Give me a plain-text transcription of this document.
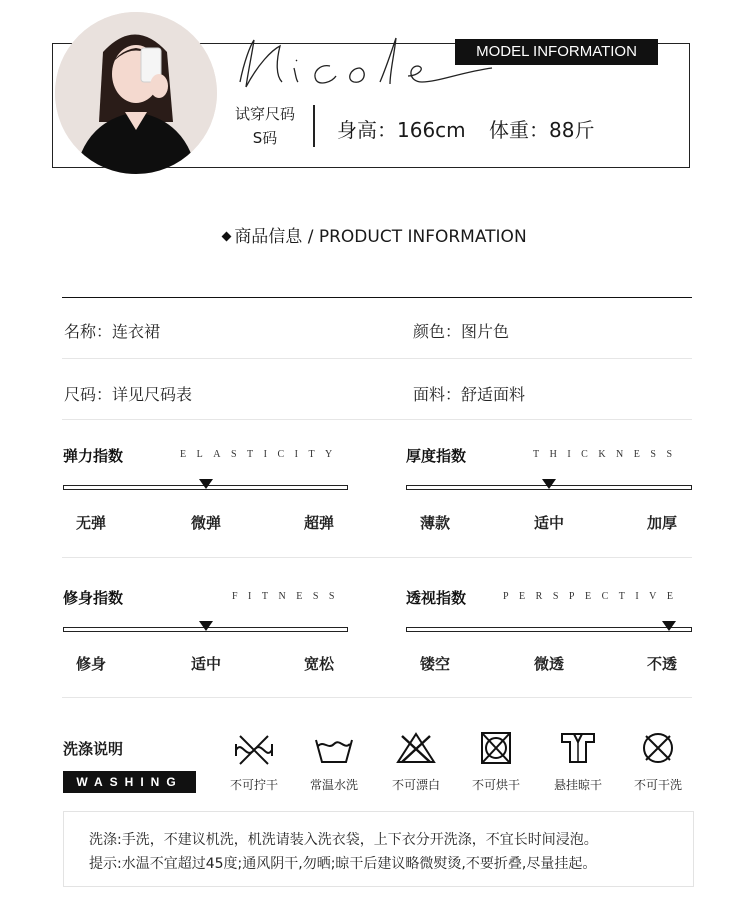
MODEL INFORMATION
Nicole
试穿尺码
S码	身高：166cm 体重：88斤
商品信息 / PRODUCT INFORMATION
名称：连衣裙	颜色：图片色
尺码：详见尺码表	面料：舒适面料
弹力指数	ELASTICITY
无弹	微弹	超弹
厚度指数	THICKNESS
薄款	适中	加厚
修身指数	FITNESS
修身	适中	宽松
透视指数	PERSPECTIVE
镂空	微透	不透
洗涤说明
WASHING	不可拧干	常温水洗	不可漂白	不可烘干	悬挂晾干	不可干洗
洗涤:手洗，不建议机洗，机洗请装入洗衣袋，上下衣分开洗涤，不宜长时间浸泡。
提示:水温不宜超过45度;通风阴干,勿晒;晾干后建议略微熨烫,不要折叠,尽量挂起。
